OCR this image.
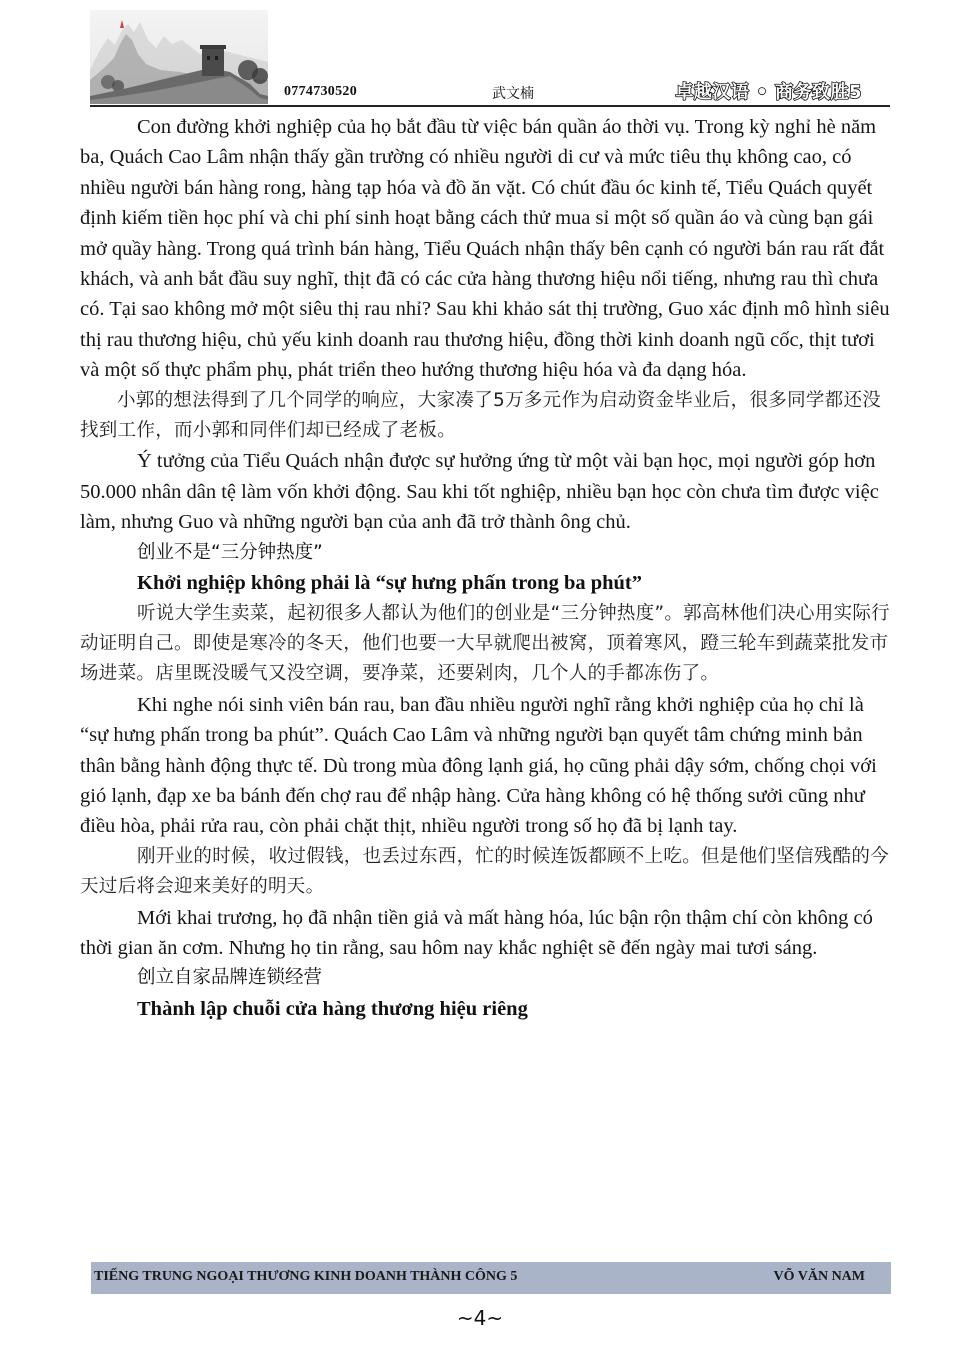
0774730520	武文楠	卓越汉语 • 商务致胜5

Con đường khởi nghiệp của họ bắt đầu từ việc bán quần áo thời vụ. Trong kỳ nghỉ hè năm ba, Quách Cao Lâm nhận thấy gần trường có nhiều người di cư và mức tiêu thụ không cao, có nhiều người bán hàng rong, hàng tạp hóa và đồ ăn vặt. Có chút đầu óc kinh tế, Tiểu Quách quyết định kiếm tiền học phí và chi phí sinh hoạt bằng cách thử mua sỉ một số quần áo và cùng bạn gái mở quầy hàng. Trong quá trình bán hàng, Tiểu Quách nhận thấy bên cạnh có người bán rau rất đắt khách, và anh bắt đầu suy nghĩ, thịt đã có các cửa hàng thương hiệu nổi tiếng, nhưng rau thì chưa có. Tại sao không mở một siêu thị rau nhỉ? Sau khi khảo sát thị trường, Guo xác định mô hình siêu thị rau thương hiệu, chủ yếu kinh doanh rau thương hiệu, đồng thời kinh doanh ngũ cốc, thịt tươi và một số thực phẩm phụ, phát triển theo hướng thương hiệu hóa và đa dạng hóa.

小郭的想法得到了几个同学的响应，大家凑了5万多元作为启动资金毕业后，很多同学都还没找到工作，而小郭和同伴们却已经成了老板。

Ý tưởng của Tiểu Quách nhận được sự hưởng ứng từ một vài bạn học, mọi người góp hơn 50.000 nhân dân tệ làm vốn khởi động. Sau khi tốt nghiệp, nhiều bạn học còn chưa tìm được việc làm, nhưng Guo và những người bạn của anh đã trở thành ông chủ.

创业不是“三分钟热度”

Khởi nghiệp không phải là “sự hưng phấn trong ba phút”

听说大学生卖菜，起初很多人都认为他们的创业是“三分钟热度”。郭高林他们决心用实际行动证明自己。即使是寒冷的冬天，他们也要一大早就爬出被窝，顶着寒风，蹬三轮车到蔬菜批发市场进菜。店里既没暖气又没空调，要净菜，还要剁肉，几个人的手都冻伤了。

Khi nghe nói sinh viên bán rau, ban đầu nhiều người nghĩ rằng khởi nghiệp của họ chỉ là “sự hưng phấn trong ba phút”. Quách Cao Lâm và những người bạn quyết tâm chứng minh bản thân bằng hành động thực tế. Dù trong mùa đông lạnh giá, họ cũng phải dậy sớm, chống chọi với gió lạnh, đạp xe ba bánh đến chợ rau để nhập hàng. Cửa hàng không có hệ thống sưởi cũng như điều hòa, phải rửa rau, còn phải chặt thịt, nhiều người trong số họ đã bị lạnh tay.

刚开业的时候，收过假钱，也丢过东西，忙的时候连饭都顾不上吃。但是他们坚信残酷的今天过后将会迎来美好的明天。

Mới khai trương, họ đã nhận tiền giả và mất hàng hóa, lúc bận rộn thậm chí còn không có thời gian ăn cơm. Nhưng họ tin rằng, sau hôm nay khắc nghiệt sẽ đến ngày mai tươi sáng.

创立自家品牌连锁经营

Thành lập chuỗi cửa hàng thương hiệu riêng

TIẾNG TRUNG NGOẠI THƯƠNG KINH DOANH THÀNH CÔNG 5	VÕ VĂN NAM
~4~
